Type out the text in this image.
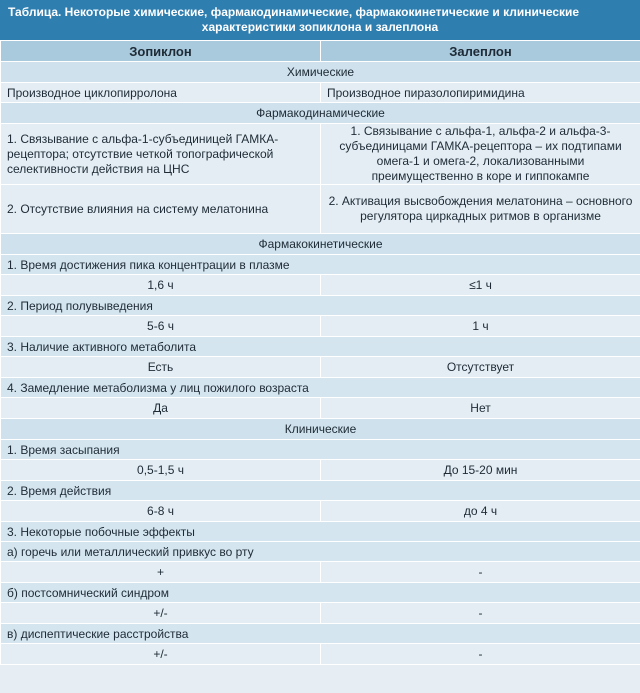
Таблица. Некоторые химические, фармакодинамические, фармакокинетические и клинические
характеристики зопиклона и залеплона
Зопиклон	Залеплон
Химические	
Производное циклопирролона	Производное пиразолопиримидина
Фармакодинамические	
1. Связывание с альфа-1-субъединицей ГАМКА-рецептора; отсутствие четкой топографической селективности действия на ЦНС	1. Связывание с альфа-1, альфа-2 и альфа-3-субъединицами ГАМКА-рецептора – их подтипами омега-1 и омега-2, локализованными преимущественно в коре и гиппокампе
2. Отсутствие влияния на систему мелатонина	2. Активация высвобождения мелатонина – основного регулятора циркадных ритмов в организме
Фармакокинетические	
1. Время достижения пика концентрации в плазме	
1,6 ч	≤1 ч
2. Период полувыведения	
5-6 ч	1 ч
3. Наличие активного метаболита	
Есть	Отсутствует
4. Замедление метаболизма у лиц пожилого возраста	
Да	Нет
Клинические	
1. Время засыпания	
0,5-1,5 ч	До 15-20 мин
2. Время действия	
6-8 ч	до 4 ч
3. Некоторые побочные эффекты	
а) горечь или металлический привкус во рту	
+	-
б) постсомнический синдром	
+/-	-
в) диспептические расстройства	
+/-	-
